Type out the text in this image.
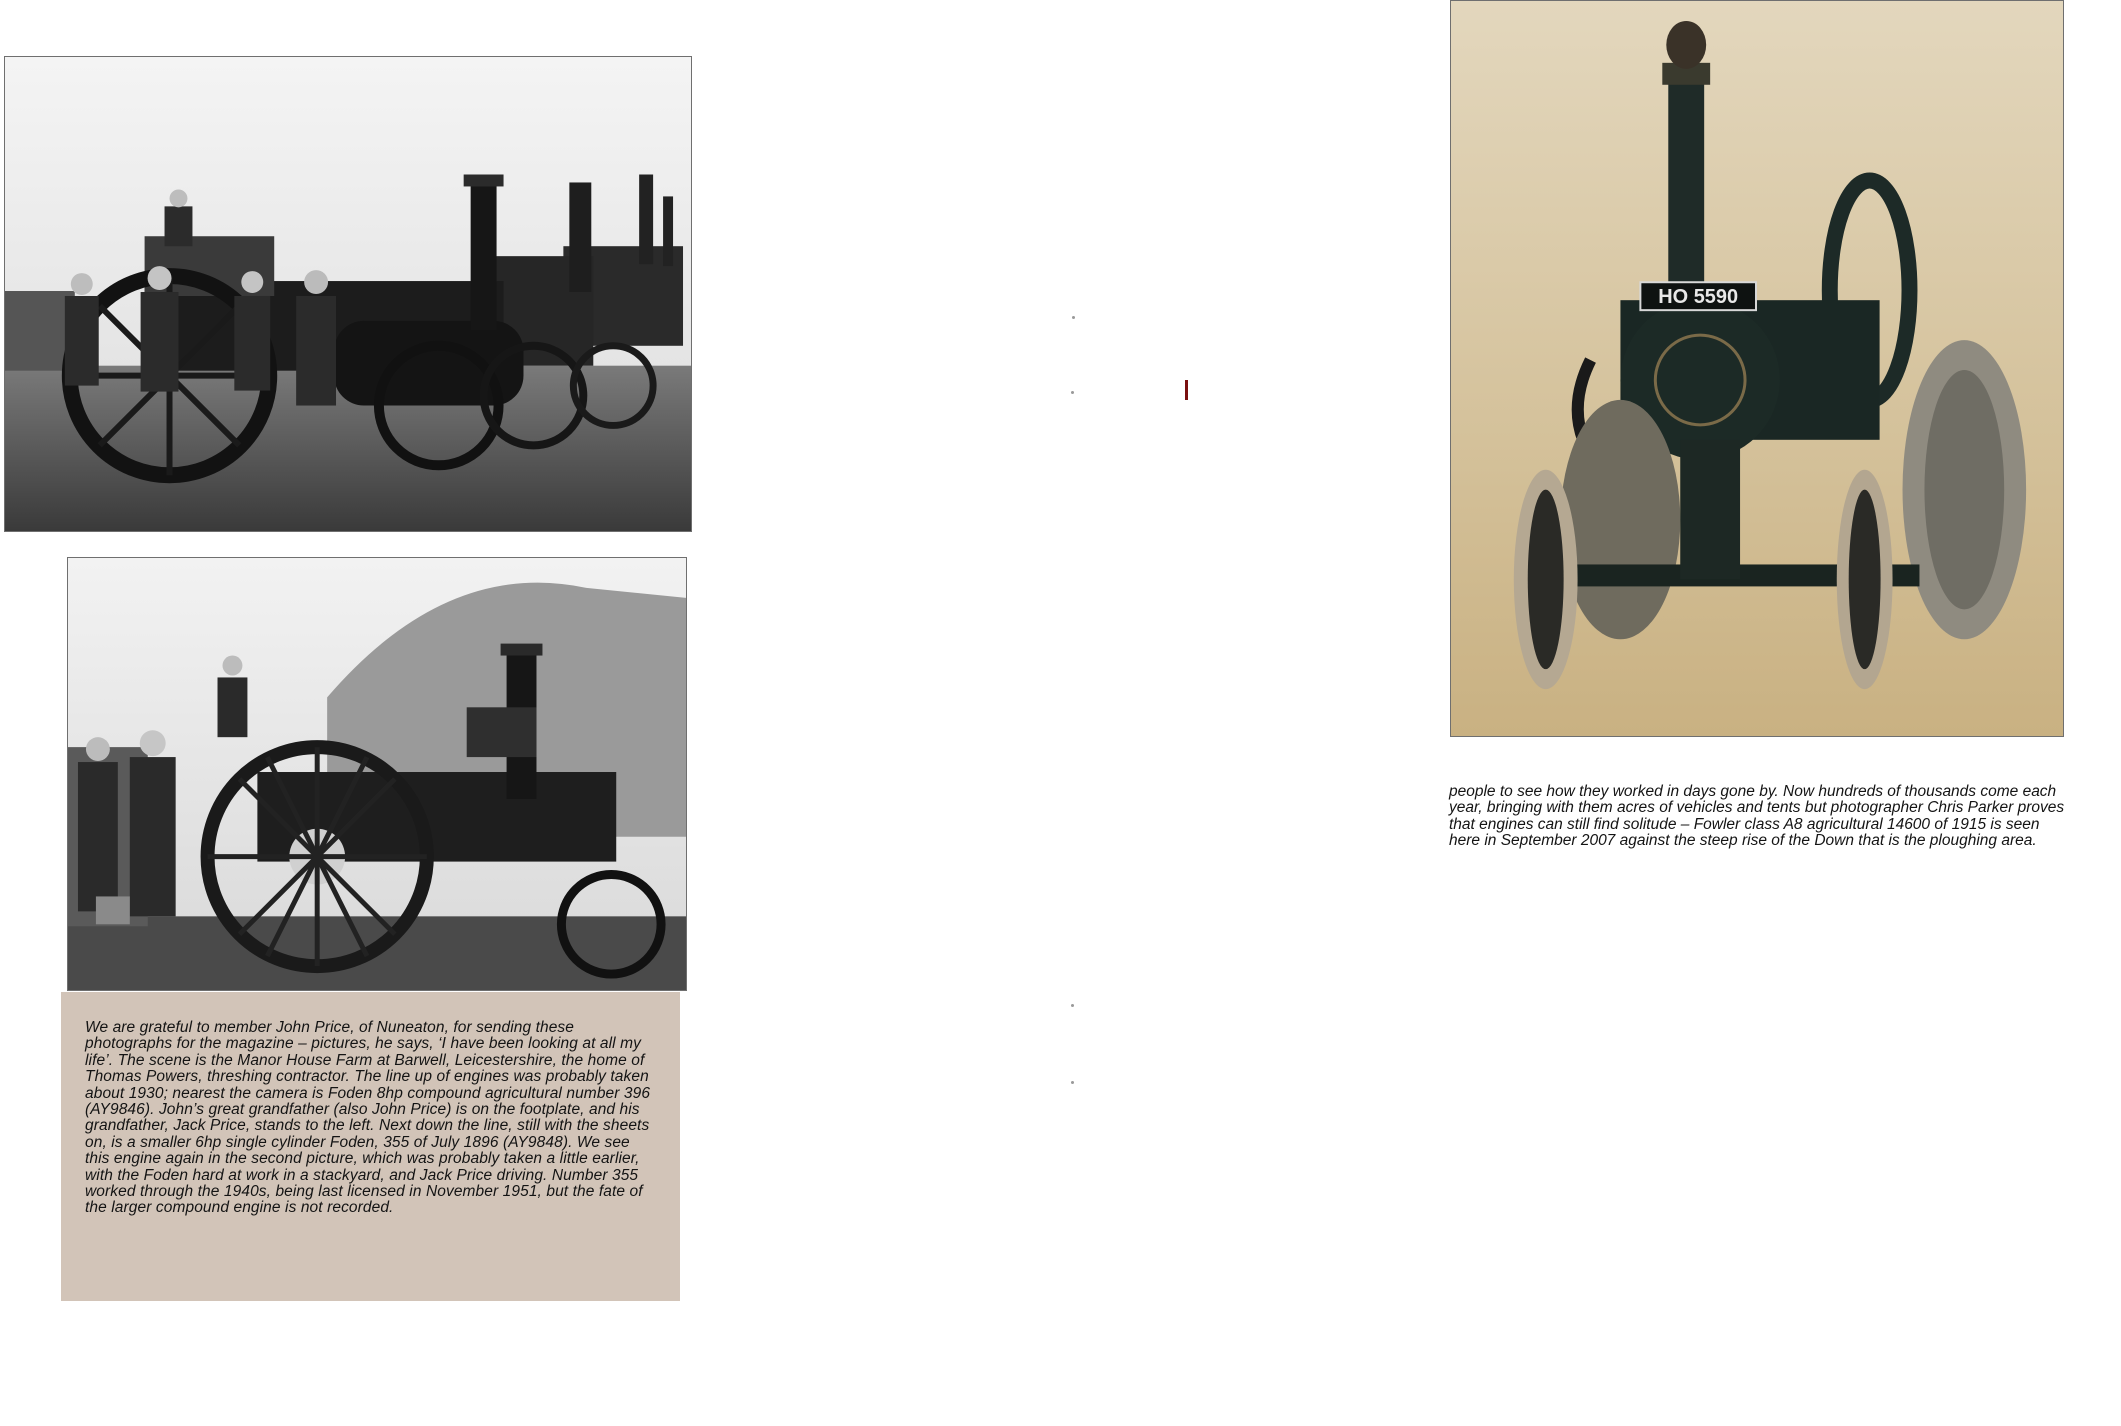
We are grateful to member John Price, of Nuneaton, for sending these photographs for the magazine – pictures, he says, ‘I have been looking at all my life’. The scene is the Manor House Farm at Barwell, Leicestershire, the home of Thomas Powers, threshing contractor. The line up of engines was probably taken about 1930; nearest the camera is Foden 8hp compound agricultural number 396 (AY9846). John’s great grandfather (also John Price) is on the footplate, and his grandfather, Jack Price, stands to the left. Next down the line, still with the sheets on, is a smaller 6hp single cylinder Foden, 355 of July 1896 (AY9848). We see this engine again in the second picture, which was probably taken a little earlier, with the Foden hard at work in a stackyard, and Jack Price driving. Number 355 worked through the 1940s, being last licensed in November 1951, but the fate of the larger compound engine is not recorded.

HO 5590

people to see how they worked in days gone by. Now hundreds of thousands come each year, bringing with them acres of vehicles and tents but photographer Chris Parker proves that engines can still find solitude – Fowler class A8 agricultural 14600 of 1915 is seen here in September 2007 against the steep rise of the Down that is the ploughing area.
